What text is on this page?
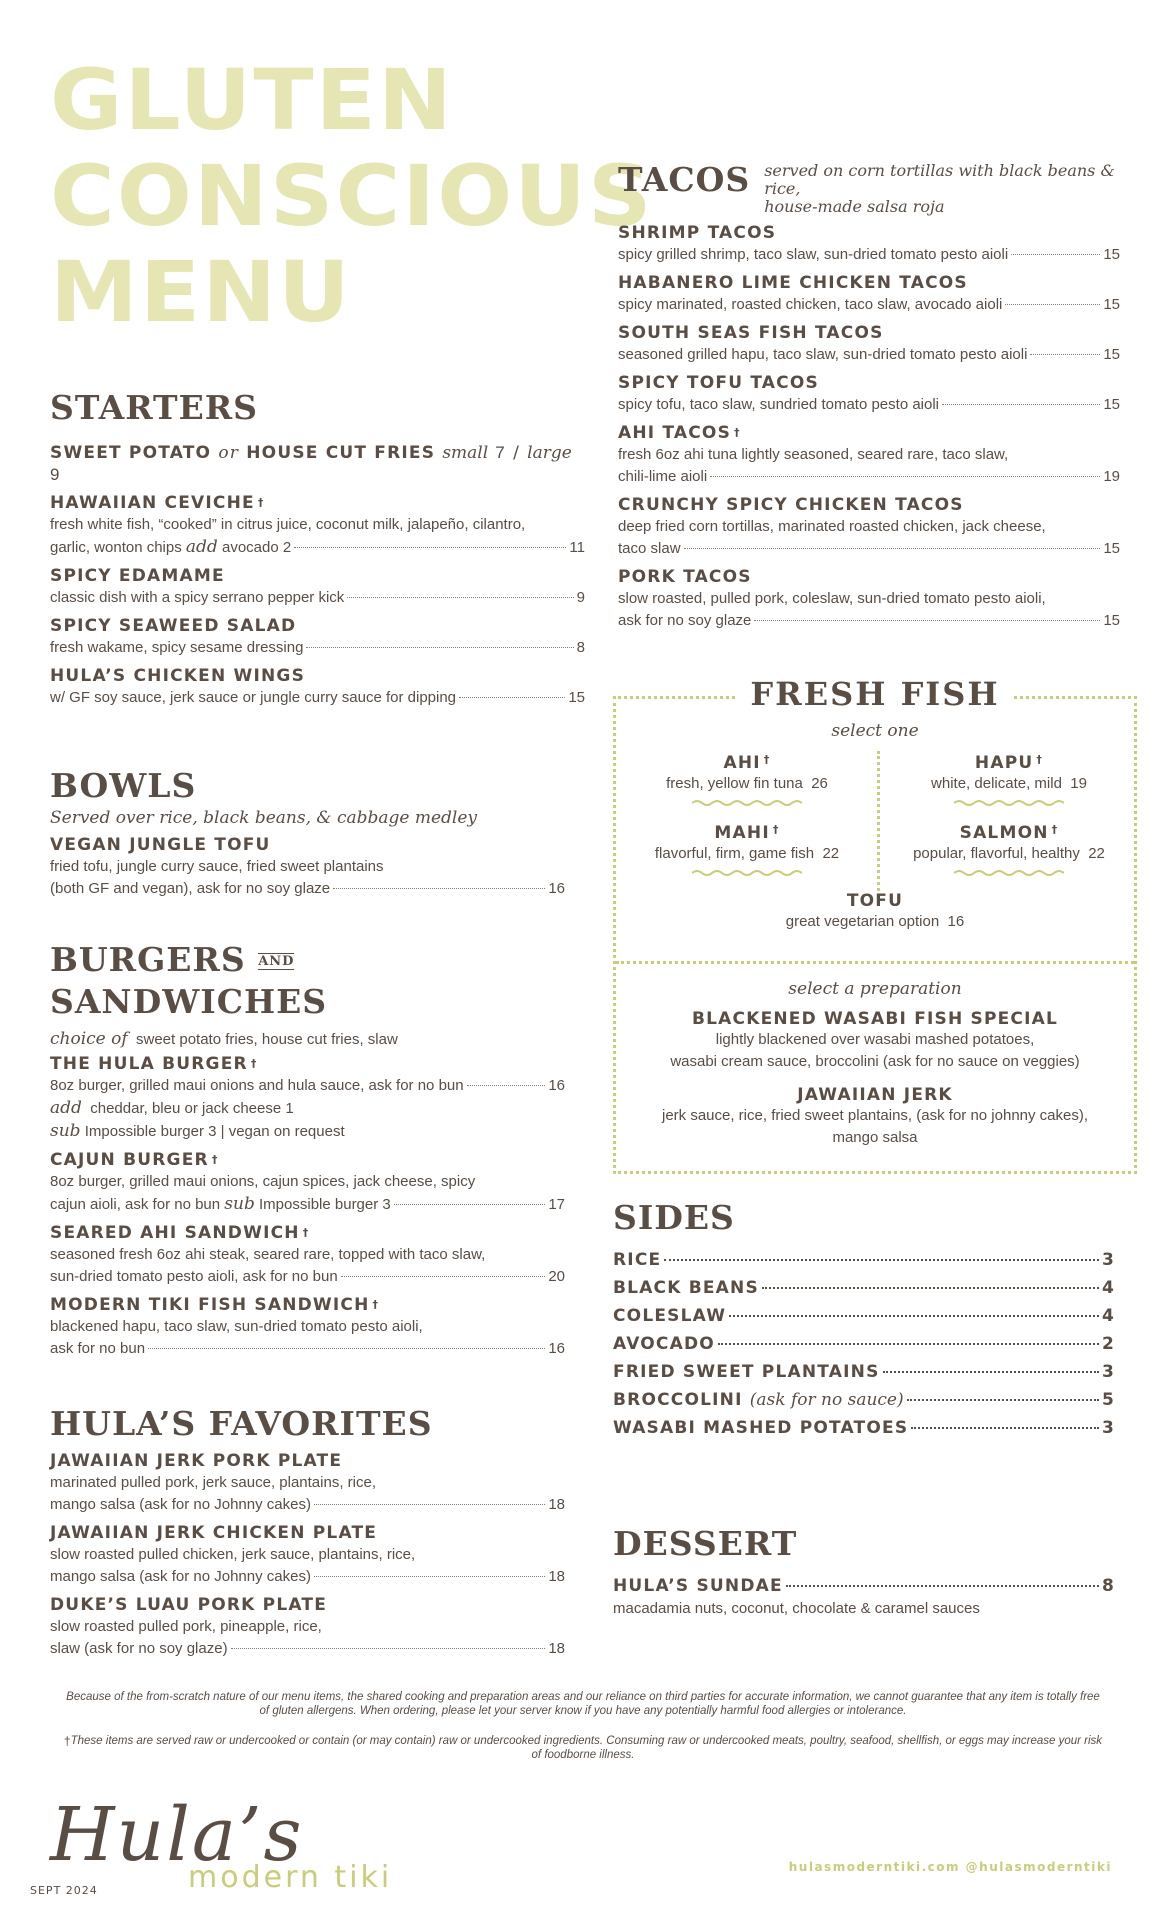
GLUTEN
CONSCIOUS
MENU
STARTERS
SWEET POTATO or HOUSE CUT FRIES small 7 / large 9
HAWAIIAN CEVICHE †
fresh white fish, “cooked” in citrus juice, coconut milk, jalapeño, cilantro,
garlic, wonton chips add avocado 2	11
SPICY EDAMAME
classic dish with a spicy serrano pepper kick	9
SPICY SEAWEED SALAD
fresh wakame, spicy sesame dressing	8
HULA’S CHICKEN WINGS
w/ GF soy sauce, jerk sauce or jungle curry sauce for dipping	15
BOWLS
Served over rice, black beans, & cabbage medley
VEGAN JUNGLE TOFU
fried tofu, jungle curry sauce, fried sweet plantains
(both GF and vegan), ask for no soy glaze	16
BURGERS AND SANDWICHES
choice of sweet potato fries, house cut fries, slaw
THE HULA BURGER †
8oz burger, grilled maui onions and hula sauce, ask for no bun	16
add cheddar, bleu or jack cheese 1
sub Impossible burger 3 | vegan on request
CAJUN BURGER †
8oz burger, grilled maui onions, cajun spices, jack cheese, spicy
cajun aioli, ask for no bun sub Impossible burger 3	17
SEARED AHI SANDWICH †
seasoned fresh 6oz ahi steak, seared rare, topped with taco slaw,
sun-dried tomato pesto aioli, ask for no bun	20
MODERN TIKI FISH SANDWICH †
blackened hapu, taco slaw, sun-dried tomato pesto aioli,
ask for no bun	16
HULA’S FAVORITES
JAWAIIAN JERK PORK PLATE
marinated pulled pork, jerk sauce, plantains, rice,
mango salsa (ask for no Johnny cakes)	18
JAWAIIAN JERK CHICKEN PLATE
slow roasted pulled chicken, jerk sauce, plantains, rice,
mango salsa (ask for no Johnny cakes)	18
DUKE’S LUAU PORK PLATE
slow roasted pulled pork, pineapple, rice,
slaw (ask for no soy glaze)	18
TACOS served on corn tortillas with black beans & rice,
house-made salsa roja
SHRIMP TACOS
spicy grilled shrimp, taco slaw, sun-dried tomato pesto aioli	15
HABANERO LIME CHICKEN TACOS
spicy marinated, roasted chicken, taco slaw, avocado aioli	15
SOUTH SEAS FISH TACOS
seasoned grilled hapu, taco slaw, sun-dried tomato pesto aioli	15
SPICY TOFU TACOS
spicy tofu, taco slaw, sundried tomato pesto aioli	15
AHI TACOS †
fresh 6oz ahi tuna lightly seasoned, seared rare, taco slaw,
chili-lime aioli	19
CRUNCHY SPICY CHICKEN TACOS
deep fried corn tortillas, marinated roasted chicken, jack cheese,
taco slaw	15
PORK TACOS
slow roasted, pulled pork, coleslaw, sun-dried tomato pesto aioli,
ask for no soy glaze	15
FRESH FISH
select one
AHI †
fresh, yellow fin tuna 26
HAPU †
white, delicate, mild 19
MAHI †
flavorful, firm, game fish 22
SALMON †
popular, flavorful, healthy 22
TOFU
great vegetarian option 16
select a preparation
BLACKENED WASABI FISH SPECIAL
lightly blackened over wasabi mashed potatoes,
wasabi cream sauce, broccolini (ask for no sauce on veggies)
JAWAIIAN JERK
jerk sauce, rice, fried sweet plantains, (ask for no johnny cakes),
mango salsa
SIDES
RICE	3
BLACK BEANS	4
COLESLAW	4
AVOCADO	2
FRIED SWEET PLANTAINS	3
BROCCOLINI
(ask for no sauce)	5
WASABI MASHED POTATOES	3
DESSERT
HULA’S SUNDAE	8
macadamia nuts, coconut, chocolate & caramel sauces
Because of the from-scratch nature of our menu items, the shared cooking and preparation areas and our reliance on third parties for accurate information, we cannot guarantee that any item is totally free of gluten allergens. When ordering, please let your server know if you have any potentially harmful food allergies or intolerance.
†These items are served raw or undercooked or contain (or may contain) raw or undercooked ingredients. Consuming raw or undercooked meats, poultry, seafood, shellfish, or eggs may increase your risk of foodborne illness.
Hula’s
modern tiki
SEPT 2024
hulasmoderntiki.com @hulasmoderntiki
